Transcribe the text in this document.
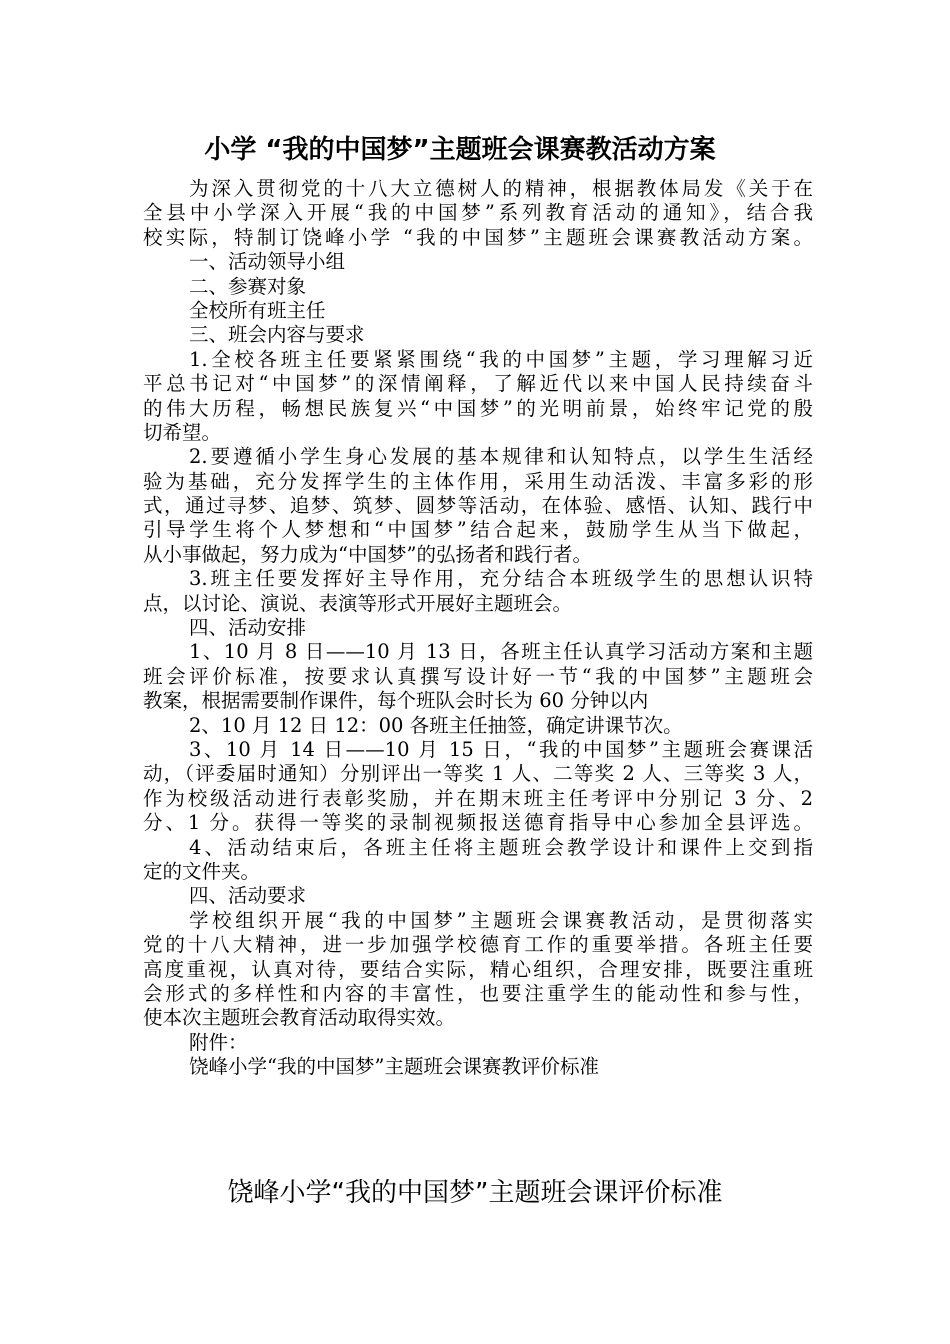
小学 “我的中国梦”主题班会课赛教活动方案
为深入贯彻党的十八大立德树人的精神，根据教体局发《关于在
全县中小学深入开展“我的中国梦”系列教育活动的通知》，结合我
校实际，特制订饶峰小学 “我的中国梦”主题班会课赛教活动方案。
一、活动领导小组
二、参赛对象
全校所有班主任
三、班会内容与要求
1.全校各班主任要紧紧围绕“我的中国梦”主题，学习理解习近
平总书记对“中国梦”的深情阐释，了解近代以来中国人民持续奋斗
的伟大历程，畅想民族复兴“中国梦”的光明前景，始终牢记党的殷
切希望。
2.要遵循小学生身心发展的基本规律和认知特点，以学生生活经
验为基础，充分发挥学生的主体作用，采用生动活泼、丰富多彩的形
式，通过寻梦、追梦、筑梦、圆梦等活动，在体验、感悟、认知、践行中
引导学生将个人梦想和“中国梦”结合起来，鼓励学生从当下做起，
从小事做起，努力成为“中国梦”的弘扬者和践行者。
3.班主任要发挥好主导作用，充分结合本班级学生的思想认识特
点，以讨论、演说、表演等形式开展好主题班会。
四、活动安排
1、10 月 8 日——10 月 13 日，各班主任认真学习活动方案和主题
班会评价标准，按要求认真撰写设计好一节“我的中国梦”主题班会
教案，根据需要制作课件，每个班队会时长为 60 分钟以内
2、10 月 12 日 12：00 各班主任抽签，确定讲课节次。
3、10 月 14 日——10 月 15 日，“我的中国梦”主题班会赛课活
动，（评委届时通知）分别评出一等奖 1 人、二等奖 2 人、三等奖 3 人，
作为校级活动进行表彰奖励，并在期末班主任考评中分别记 3 分、2
分、1 分。获得一等奖的录制视频报送德育指导中心参加全县评选。
4、活动结束后，各班主任将主题班会教学设计和课件上交到指
定的文件夹。
四、活动要求
学校组织开展“我的中国梦”主题班会课赛教活动，是贯彻落实
党的十八大精神，进一步加强学校德育工作的重要举措。各班主任要
高度重视，认真对待，要结合实际，精心组织，合理安排，既要注重班
会形式的多样性和内容的丰富性，也要注重学生的能动性和参与性，
使本次主题班会教育活动取得实效。
附件：
饶峰小学“我的中国梦”主题班会课赛教评价标准
饶峰小学“我的中国梦”主题班会课评价标准
